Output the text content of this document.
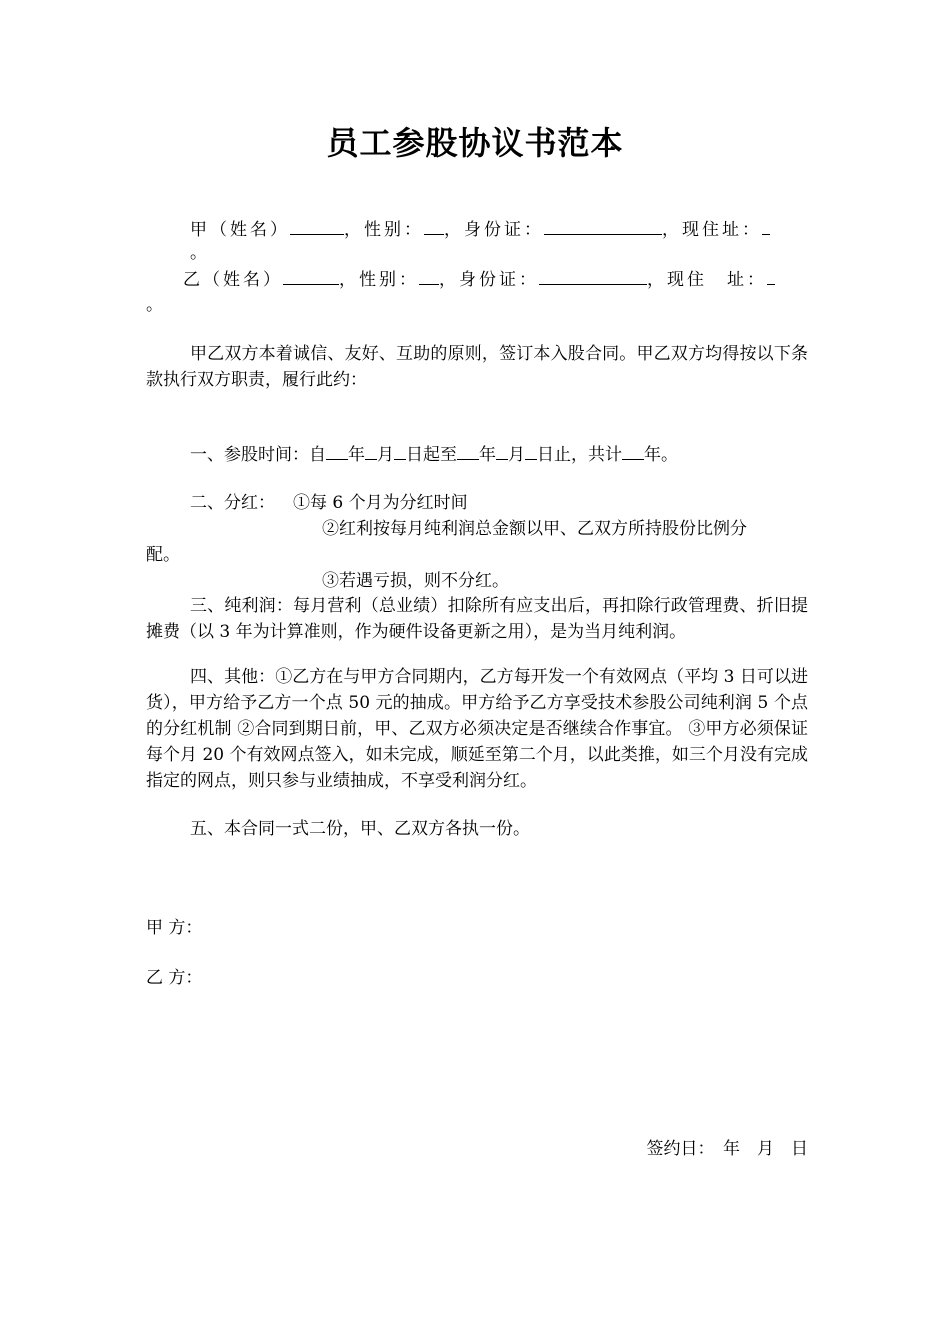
员工参股协议书范本
甲（姓名）	，性别： ，身份证：	，现住址：
。
乙（姓名）	，性别： ，身份证：	，现住　址：
。
甲乙双方本着诚信、友好、互助的原则，签订本入股合同。甲乙双方均得按以下条款执行双方职责，履行此约：
一、参股时间：自 年 月 日起至 年 月 日止，共计 年。
二、分红： ①每 6 个月为分红时间
②红利按每月纯利润总金额以甲、乙双方所持股份比例分
配。
③若遇亏损，则不分红。
三、纯利润：每月营利（总业绩）扣除所有应支出后，再扣除行政管理费、折旧提摊费（以 3 年为计算准则，作为硬件设备更新之用），是为当月纯利润。
四、其他：①乙方在与甲方合同期内，乙方每开发一个有效网点（平均 3 日可以进货），甲方给予乙方一个点 50 元的抽成。甲方给予乙方享受技术参股公司纯利润 5 个点的分红机制 ②合同到期日前，甲、乙双方必须决定是否继续合作事宜。 ③甲方必须保证每个月 20 个有效网点签入，如未完成，顺延至第二个月，以此类推，如三个月没有完成指定的网点，则只参与业绩抽成，不享受利润分红。
五、本合同一式二份，甲、乙双方各执一份。
甲 方：
乙 方：
签约日：　年　月　日
